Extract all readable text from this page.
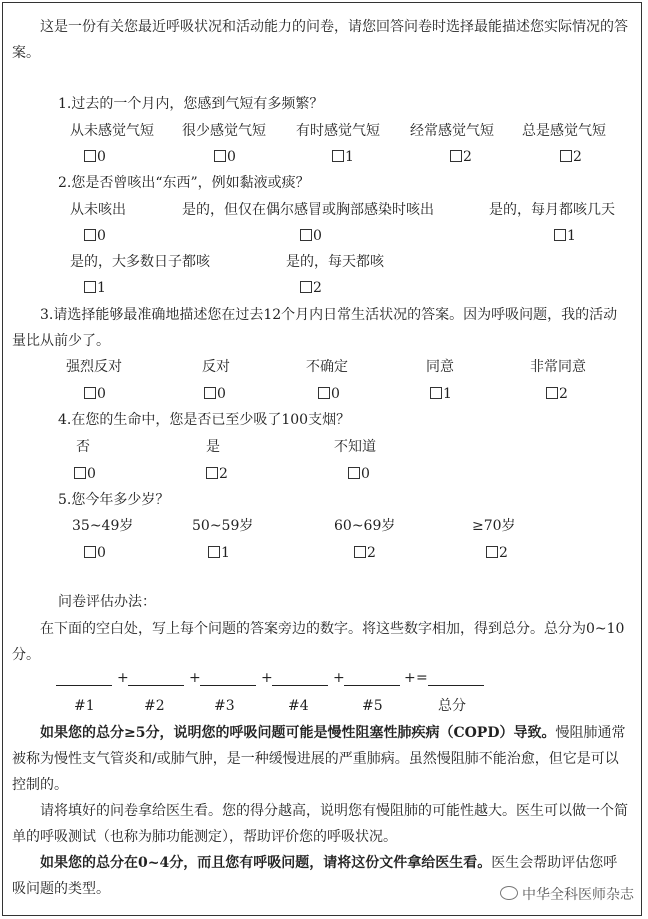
这是一份有关您最近呼吸状况和活动能力的问卷，请您回答问卷时选择最能描述您实际情况的答案。
1.过去的一个月内，您感到气短有多频繁？
从未感觉气短 很少感觉气短 有时感觉气短 经常感觉气短 总是感觉气短
0	0	1	2	2
2.您是否曾咳出“东西”，例如黏液或痰？
从未咳出	是的，但仅在偶尔感冒或胸部感染时咳出	是的，每月都咳几天
0	0	1
是的，大多数日子都咳	是的，每天都咳
1	2
3.请选择能够最准确地描述您在过去12个月内日常生活状况的答案。因为呼吸问题，我的活动量比从前少了。
强烈反对	反对	不确定	同意	非常同意
0	0	0	1	2
4.在您的生命中，您是否已至少吸了100支烟？
否	是	不知道
0	2	0
5.您今年多少岁？
35~49岁	50~59岁	60~69岁	≥70岁
0	1	2	2
问卷评估办法：
在下面的空白处，写上每个问题的答案旁边的数字。将这些数字相加，得到总分。总分为0~10分。
+	+	+	+	+ =
#1	#2	#3	#4	#5	总分
如果您的总分≥5分，说明您的呼吸问题可能是慢性阻塞性肺疾病（COPD）导致。慢阻肺通常被称为慢性支气管炎和/或肺气肿，是一种缓慢进展的严重肺病。虽然慢阻肺不能治愈，但它是可以控制的。
请将填好的问卷拿给医生看。您的得分越高，说明您有慢阻肺的可能性越大。医生可以做一个简单的呼吸测试（也称为肺功能测定），帮助评价您的呼吸状况。
如果您的总分在0~4分，而且您有呼吸问题，请将这份文件拿给医生看。医生会帮助评估您呼吸问题的类型。	中华全科医师杂志
